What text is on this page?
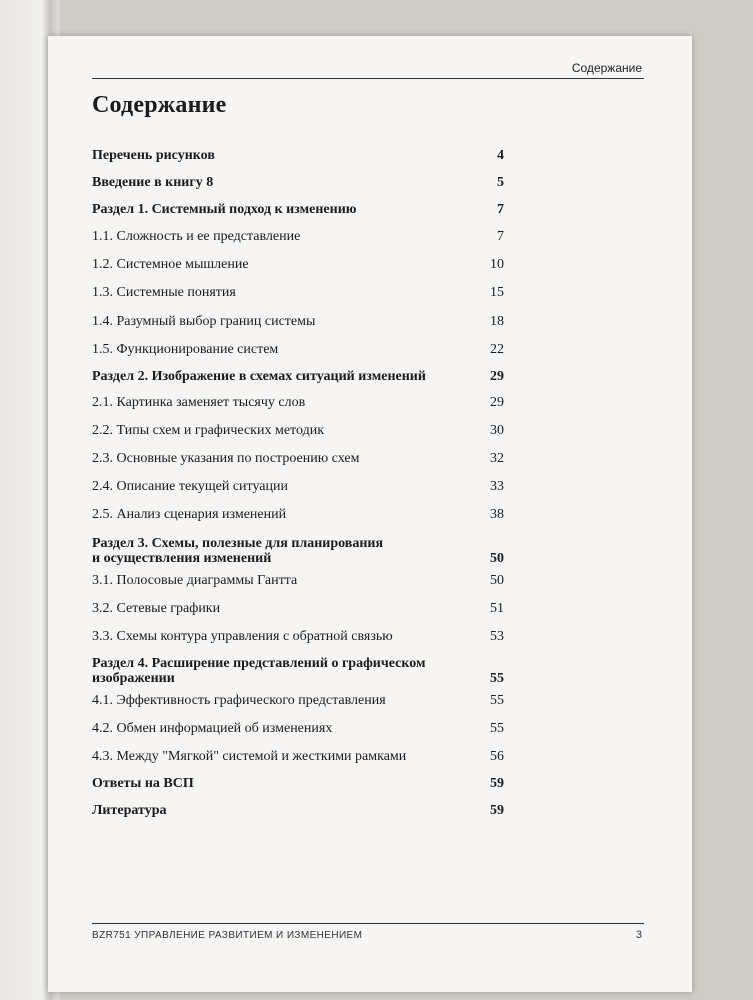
Содержание
Содержание
Перечень рисунков	4
Введение в книгу 8	5
Раздел 1. Системный подход к изменению	7
1.1. Сложность и ее представление	7
1.2. Системное мышление	10
1.3. Системные понятия	15
1.4. Разумный выбор границ системы	18
1.5. Функционирование систем	22
Раздел 2. Изображение в схемах ситуаций изменений	29
2.1. Картинка заменяет тысячу слов	29
2.2. Типы схем и графических методик	30
2.3. Основные указания по построению схем	32
2.4. Описание текущей ситуации	33
2.5. Анализ сценария изменений	38
Раздел 3. Схемы, полезные для планирования
и осуществления изменений	50
3.1. Полосовые диаграммы Гантта	50
3.2. Сетевые графики	51
3.3. Схемы контура управления с обратной связью	53
Раздел 4. Расширение представлений о графическом
изображении	55
4.1. Эффективность графического представления	55
4.2. Обмен информацией об изменениях	55
4.3. Между "Мягкой" системой и жесткими рамками	56
Ответы на ВСП	59
Литература	59
BZR751 УПРАВЛЕНИЕ РАЗВИТИЕМ И ИЗМЕНЕНИЕМ	3
